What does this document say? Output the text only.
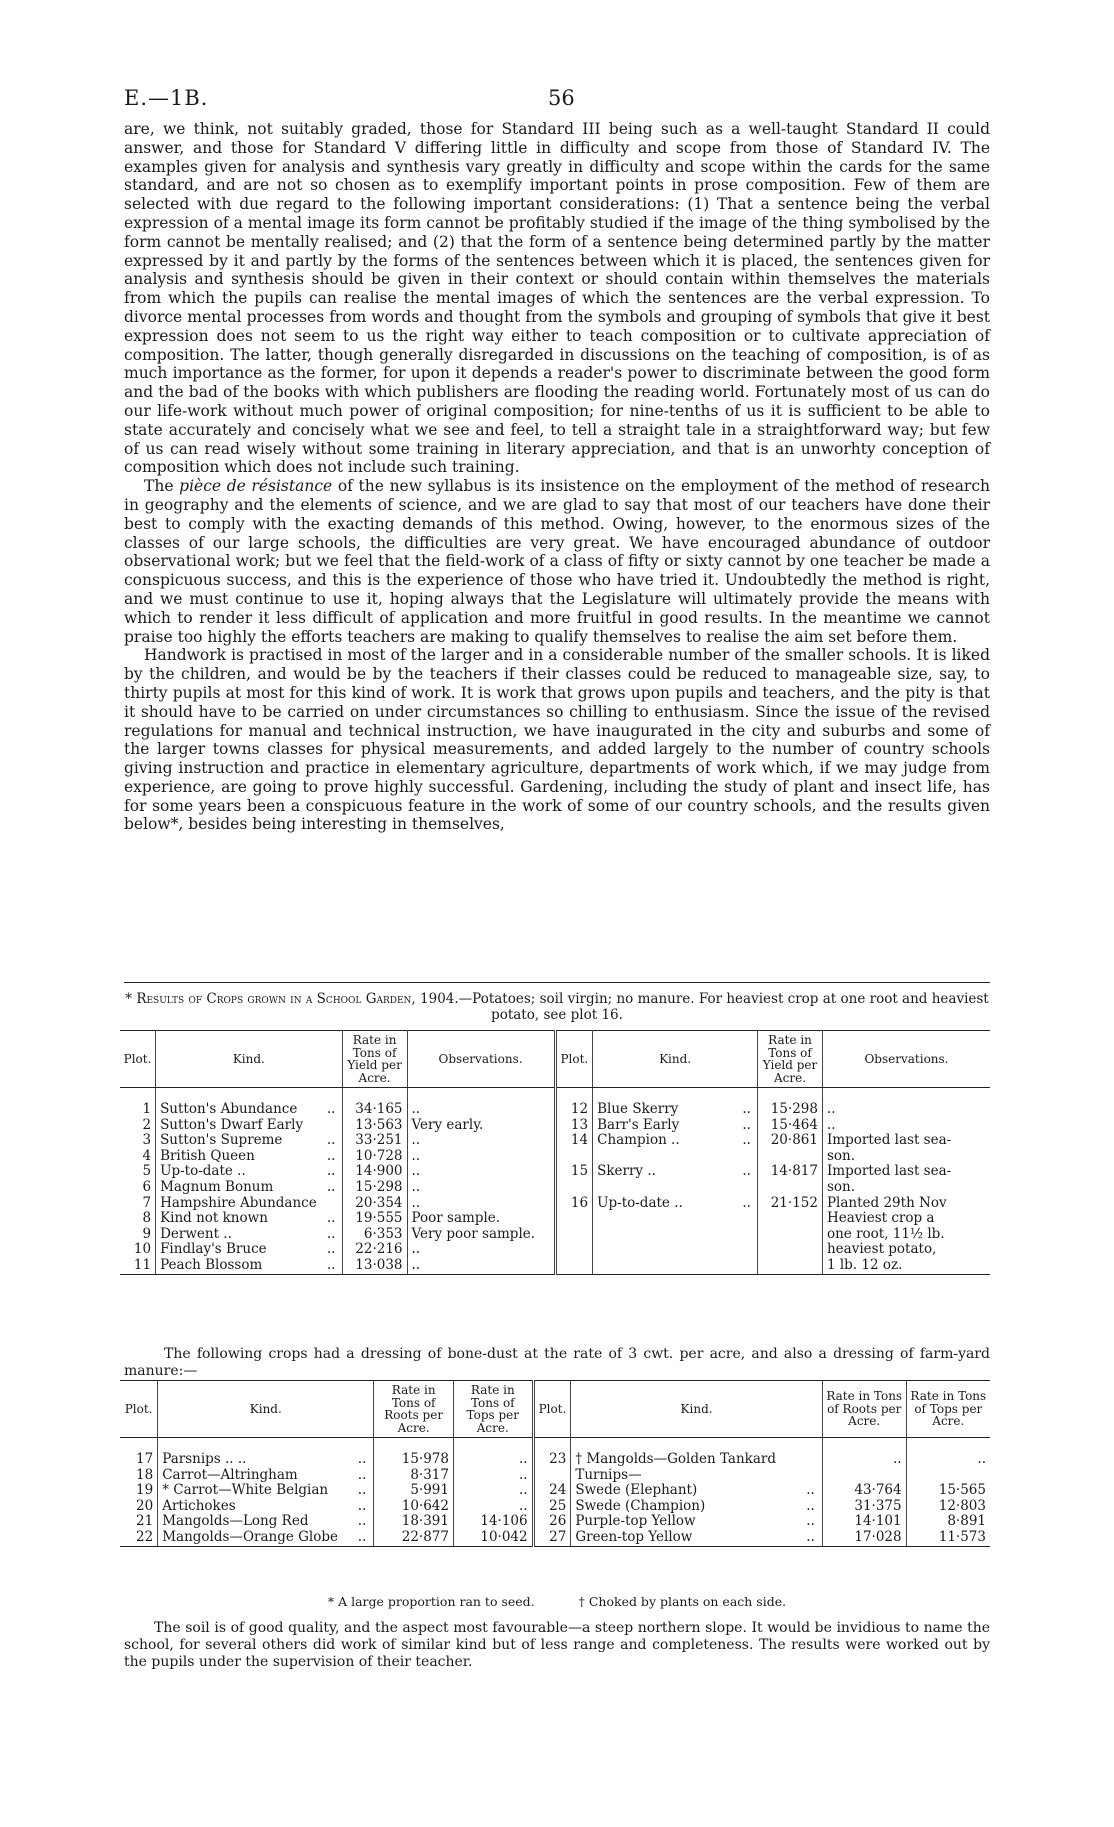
E.—1B.	56

are, we think, not suitably graded, those for Standard III being such as a well-taught Standard II could answer, and those for Standard V differing little in difficulty and scope from those of Standard IV. The examples given for analysis and synthesis vary greatly in difficulty and scope within the cards for the same standard, and are not so chosen as to exemplify important points in prose composition. Few of them are selected with due regard to the following important considerations: (1) That a sentence being the verbal expression of a mental image its form cannot be profitably studied if the image of the thing symbolised by the form cannot be mentally realised; and (2) that the form of a sentence being determined partly by the matter expressed by it and partly by the forms of the sentences between which it is placed, the sentences given for analysis and synthesis should be given in their context or should contain within themselves the materials from which the pupils can realise the mental images of which the sentences are the verbal expression. To divorce mental processes from words and thought from the symbols and grouping of symbols that give it best expression does not seem to us the right way either to teach composition or to cultivate appreciation of composition. The latter, though generally disregarded in discussions on the teaching of composition, is of as much importance as the former, for upon it depends a reader's power to discriminate between the good form and the bad of the books with which publishers are flooding the reading world. Fortunately most of us can do our life-work without much power of original composition; for nine-tenths of us it is sufficient to be able to state accurately and concisely what we see and feel, to tell a straight tale in a straightforward way; but few of us can read wisely without some training in literary appreciation, and that is an unworhty conception of composition which does not include such training.

The pièce de résistance of the new syllabus is its insistence on the employment of the method of research in geography and the elements of science, and we are glad to say that most of our teachers have done their best to comply with the exacting demands of this method. Owing, however, to the enormous sizes of the classes of our large schools, the difficulties are very great. We have encouraged abundance of outdoor observational work; but we feel that the field-work of a class of fifty or sixty cannot by one teacher be made a conspicuous success, and this is the experience of those who have tried it. Undoubtedly the method is right, and we must continue to use it, hoping always that the Legislature will ultimately provide the means with which to render it less difficult of application and more fruitful in good results. In the meantime we cannot praise too highly the efforts teachers are making to qualify themselves to realise the aim set before them.

Handwork is practised in most of the larger and in a considerable number of the smaller schools. It is liked by the children, and would be by the teachers if their classes could be reduced to manageable size, say, to thirty pupils at most for this kind of work. It is work that grows upon pupils and teachers, and the pity is that it should have to be carried on under circumstances so chilling to enthusiasm. Since the issue of the revised regulations for manual and technical instruction, we have inaugurated in the city and suburbs and some of the larger towns classes for physical measurements, and added largely to the number of country schools giving instruction and practice in elementary agriculture, departments of work which, if we may judge from experience, are going to prove highly successful. Gardening, including the study of plant and insect life, has for some years been a conspicuous feature in the work of some of our country schools, and the results given below*, besides being interesting in themselves,

* Results of Crops grown in a School Garden, 1904.—Potatoes; soil virgin; no manure. For heaviest crop at one root and heaviest potato, see plot 16.
Plot.	Kind.		Rate in Tons of Yield per Acre.	Observations.	Plot.	Kind.		Rate in Tons of Yield per Acre.	Observations.

1	Sutton's Abundance	..	34·165	..	12	Blue Skerry	..	15·298	..
2	Sutton's Dwarf Early		13·563	Very early.	13	Barr's Early	..	15·464	..
3	Sutton's Supreme	..	33·251	..	14	Champion ..	..	20·861	Imported last sea-
4	British Queen	..	10·728	..					son.
5	Up-to-date ..	..	14·900	..	15	Skerry ..	..	14·817	Imported last sea-
6	Magnum Bonum	..	15·298	..					son.
7	Hampshire Abundance		20·354	..	16	Up-to-date ..	..	21·152	Planted 29th Nov
8	Kind not known	..	19·555	Poor sample.					Heaviest crop a
9	Derwent ..	..	6·353	Very poor sample.					one root, 11½ lb.
10	Findlay's Bruce	..	22·216	..					heaviest potato,
11	Peach Blossom	..	13·038	..					1 lb. 12 oz.
The following crops had a dressing of bone-dust at the rate of 3 cwt. per acre, and also a dressing of farm-yard manure:—
Plot.	Kind.		Rate in Tons of Roots per Acre.	Rate in Tons of Tops per Acre.	Plot.	Kind.		Rate in Tons of Roots per Acre.	Rate in Tons of Tops per Acre.

17	Parsnips .. ..	..	15·978	..	23	† Mangolds—Golden Tankard		..	..
18	Carrot—Altringham	..	8·317	..		Turnips—			
19	* Carrot—White Belgian	..	5·991	..	24	Swede (Elephant)	..	43·764	15·565
20	Artichokes	..	10·642	..	25	Swede (Champion)	..	31·375	12·803
21	Mangolds—Long Red	..	18·391	14·106	26	Purple-top Yellow	..	14·101	8·891
22	Mangolds—Orange Globe	..	22·877	10·042	27	Green-top Yellow	..	17·028	11·573
* A large proportion ran to seed.	† Choked by plants on each side.
The soil is of good quality, and the aspect most favourable—a steep northern slope. It would be invidious to name the school, for several others did work of similar kind but of less range and completeness. The results were worked out by the pupils under the supervision of their teacher.
